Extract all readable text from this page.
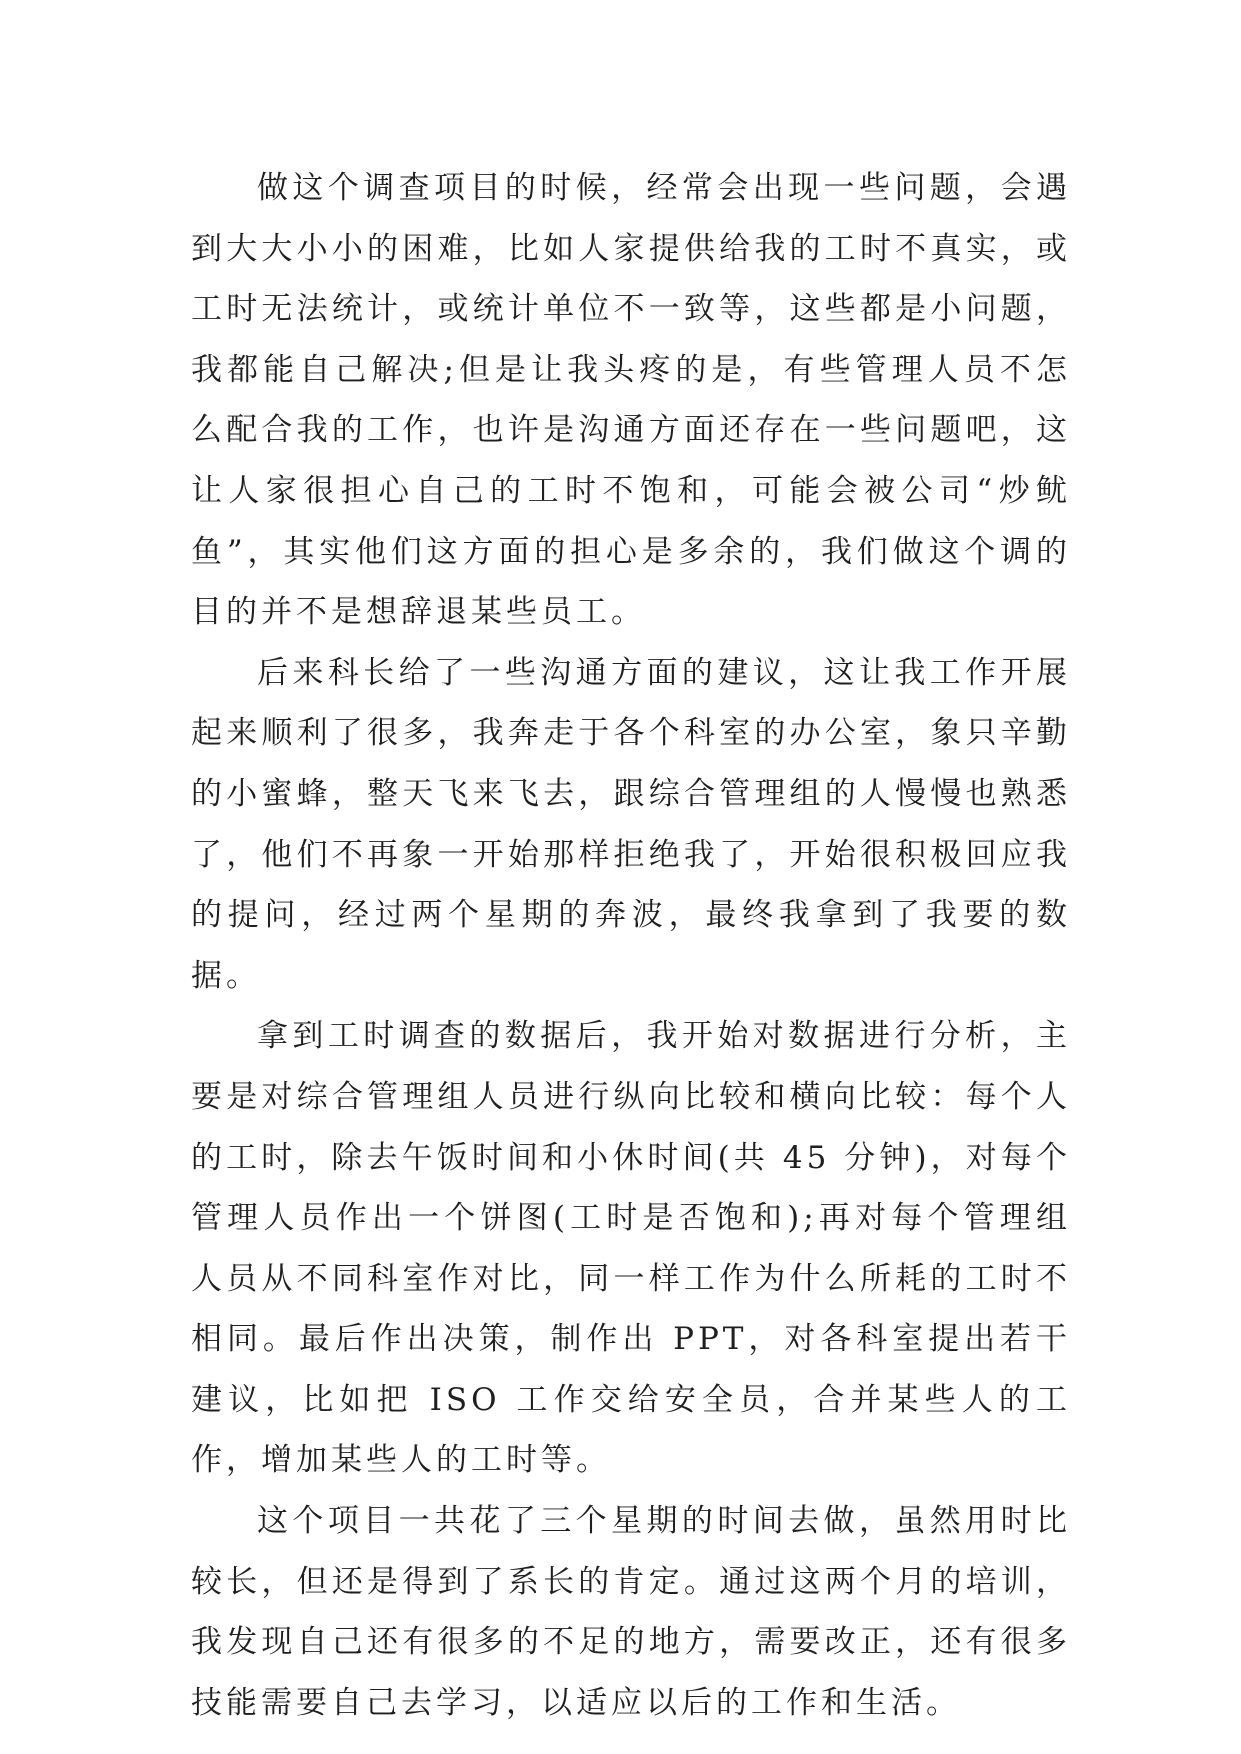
做这个调查项目的时候，经常会出现一些问题，会遇到大大小小的困难，比如人家提供给我的工时不真实，或工时无法统计，或统计单位不一致等，这些都是小问题，我都能自己解决;但是让我头疼的是，有些管理人员不怎么配合我的工作，也许是沟通方面还存在一些问题吧，这让人家很担心自己的工时不饱和，可能会被公司“炒鱿鱼”，其实他们这方面的担心是多余的，我们做这个调的目的并不是想辞退某些员工。

后来科长给了一些沟通方面的建议，这让我工作开展起来顺利了很多，我奔走于各个科室的办公室，象只辛勤的小蜜蜂，整天飞来飞去，跟综合管理组的人慢慢也熟悉了，他们不再象一开始那样拒绝我了，开始很积极回应我的提问，经过两个星期的奔波，最终我拿到了我要的数据。

拿到工时调查的数据后，我开始对数据进行分析，主要是对综合管理组人员进行纵向比较和横向比较：每个人的工时，除去午饭时间和小休时间(共 45 分钟)，对每个管理人员作出一个饼图(工时是否饱和);再对每个管理组人员从不同科室作对比，同一样工作为什么所耗的工时不相同。最后作出决策，制作出 PPT，对各科室提出若干建议，比如把 ISO 工作交给安全员，合并某些人的工作，增加某些人的工时等。

这个项目一共花了三个星期的时间去做，虽然用时比较长，但还是得到了系长的肯定。通过这两个月的培训，我发现自己还有很多的不足的地方，需要改正，还有很多技能需要自己去学习，以适应以后的工作和生活。
